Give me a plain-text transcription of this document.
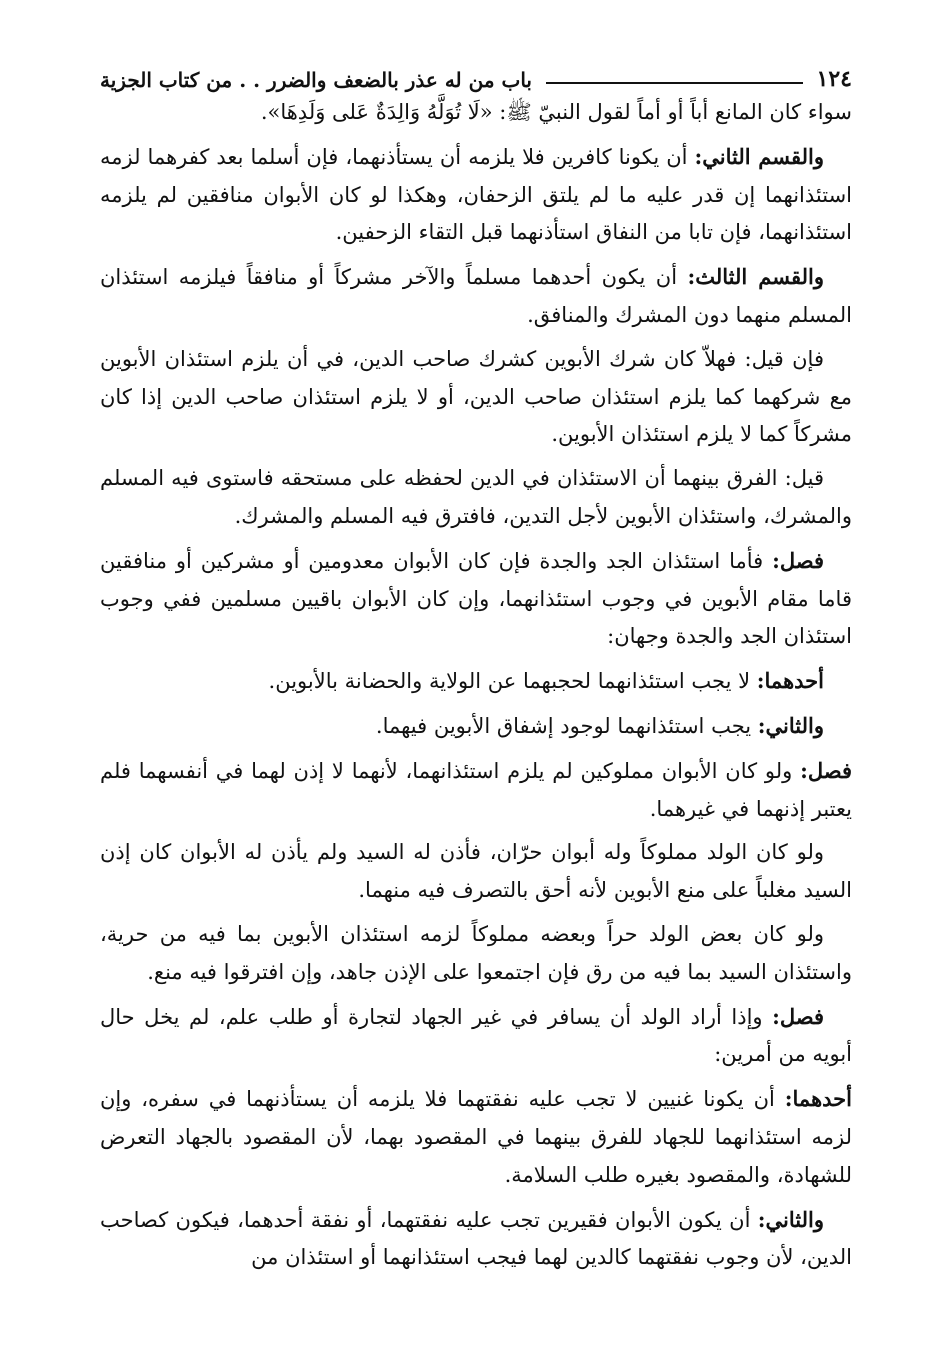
١٢٤
باب من له عذر بالضعف والضرر . . من كتاب الجزية

سواء كان المانع أباً أو أماً لقول النبيّ ﷺ: «لَا تُوَلَّهُ وَالِدَةٌ عَلى وَلَدِهَا».

والقسم الثاني: أن يكونا كافرين فلا يلزمه أن يستأذنهما، فإن أسلما بعد كفرهما لزمه استئذانهما إن قدر عليه ما لم يلتق الزحفان، وهكذا لو كان الأبوان منافقين لم يلزمه استئذانهما، فإن تابا من النفاق استأذنهما قبل التقاء الزحفين.

والقسم الثالث: أن يكون أحدهما مسلماً والآخر مشركاً أو منافقاً فيلزمه استئذان المسلم منهما دون المشرك والمنافق.

فإن قيل: فهلاّ كان شرك الأبوين كشرك صاحب الدين، في أن يلزم استئذان الأبوين مع شركهما كما يلزم استئذان صاحب الدين، أو لا يلزم استئذان صاحب الدين إذا كان مشركاً كما لا يلزم استئذان الأبوين.

قيل: الفرق بينهما أن الاستئذان في الدين لحفظه على مستحقه فاستوى فيه المسلم والمشرك، واستئذان الأبوين لأجل التدين، فافترق فيه المسلم والمشرك.

فصل: فأما استئذان الجد والجدة فإن كان الأبوان معدومين أو مشركين أو منافقين قاما مقام الأبوين في وجوب استئذانهما، وإن كان الأبوان باقيين مسلمين ففي وجوب استئذان الجد والجدة وجهان:

أحدهما: لا يجب استئذانهما لحجبهما عن الولاية والحضانة بالأبوين.

والثاني: يجب استئذانهما لوجود إشفاق الأبوين فيهما.

فصل: ولو كان الأبوان مملوكين لم يلزم استئذانهما، لأنهما لا إذن لهما في أنفسهما فلم يعتبر إذنهما في غيرهما.

ولو كان الولد مملوكاً وله أبوان حرّان، فأذن له السيد ولم يأذن له الأبوان كان إذن السيد مغلباً على منع الأبوين لأنه أحق بالتصرف فيه منهما.

ولو كان بعض الولد حراً وبعضه مملوكاً لزمه استئذان الأبوين بما فيه من حرية، واستئذان السيد بما فيه من رق فإن اجتمعوا على الإذن جاهد، وإن افترقوا فيه منع.

فصل: وإذا أراد الولد أن يسافر في غير الجهاد لتجارة أو طلب علم، لم يخل حال أبويه من أمرين:

أحدهما: أن يكونا غنيين لا تجب عليه نفقتهما فلا يلزمه أن يستأذنهما في سفره، وإن لزمه استئذانهما للجهاد للفرق بينهما في المقصود بهما، لأن المقصود بالجهاد التعرض للشهادة، والمقصود بغيره طلب السلامة.

والثاني: أن يكون الأبوان فقيرين تجب عليه نفقتهما، أو نفقة أحدهما، فيكون كصاحب الدين، لأن وجوب نفقتهما كالدين لهما فيجب استئذانهما أو استئذان من
